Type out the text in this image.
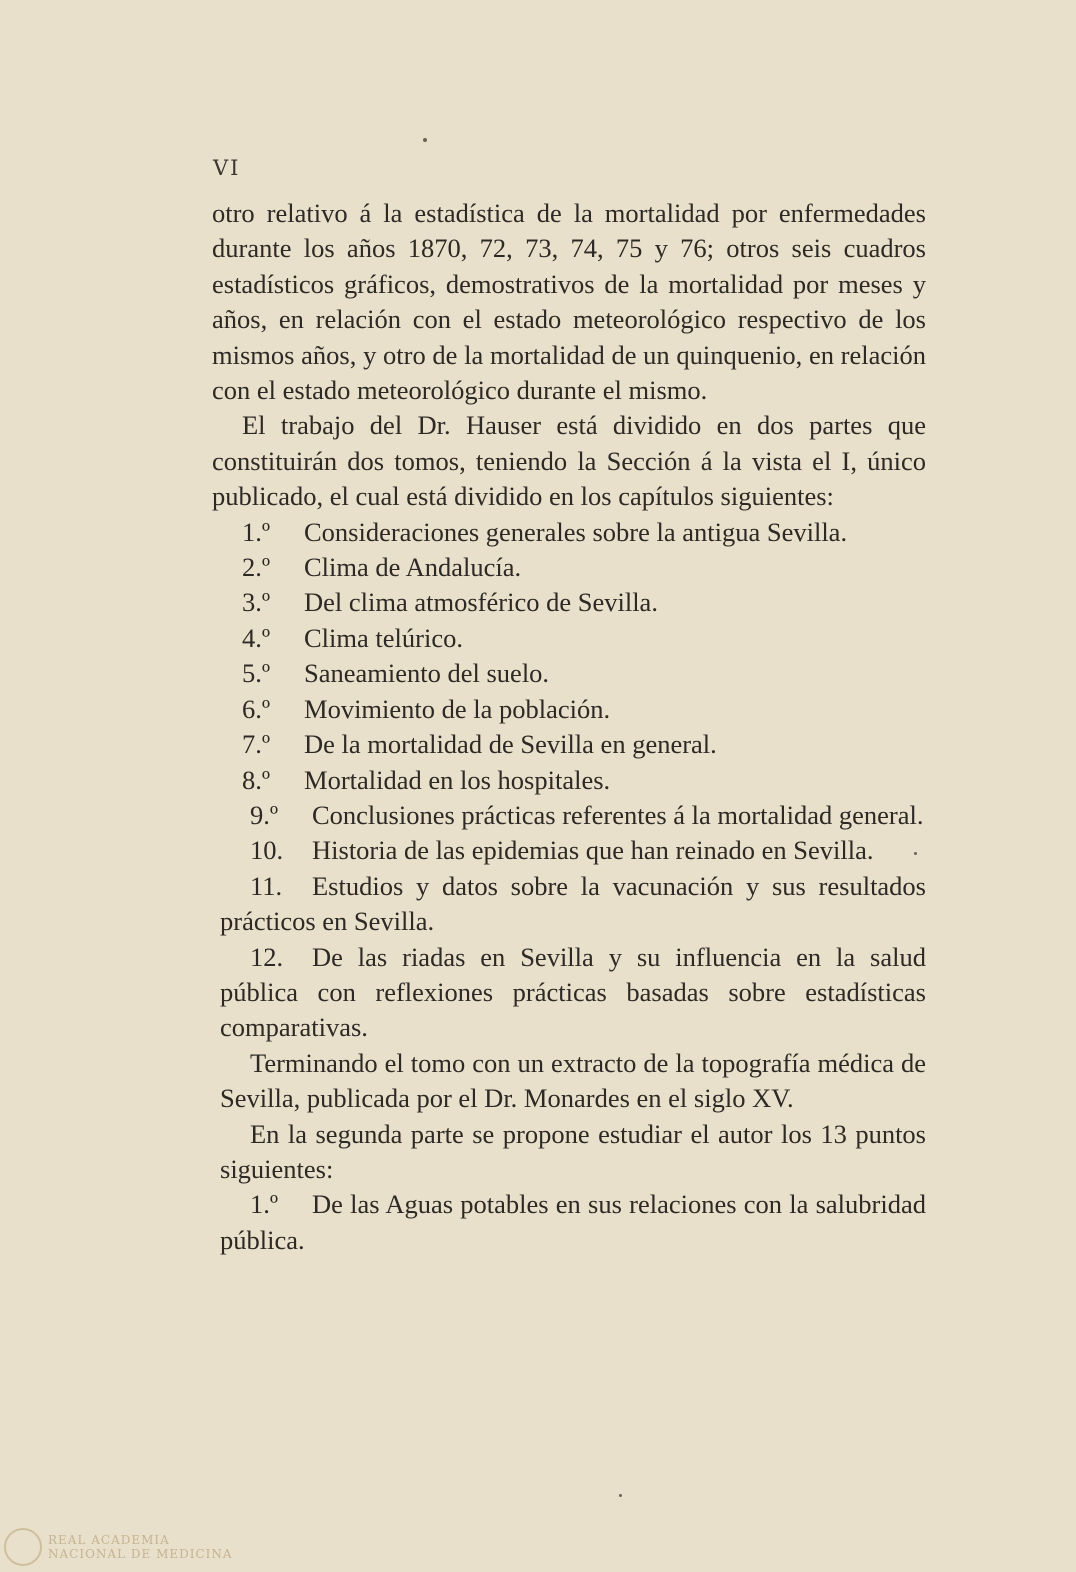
VI

otro relativo á la estadística de la mortalidad por enfermedades durante los años 1870, 72, 73, 74, 75 y 76; otros seis cuadros estadísticos gráficos, demostrativos de la mortalidad por meses y años, en relación con el estado meteorológico respectivo de los mismos años, y otro de la mortalidad de un quinquenio, en relación con el estado meteorológico durante el mismo.

El trabajo del Dr. Hauser está dividido en dos partes que constituirán dos tomos, teniendo la Sección á la vista el I, único publicado, el cual está dividido en los capítulos siguientes:

1.º	Consideraciones generales sobre la antigua Sevilla.
2.º	Clima de Andalucía.
3.º	Del clima atmosférico de Sevilla.
4.º	Clima telúrico.
5.º	Saneamiento del suelo.
6.º	Movimiento de la población.
7.º	De la mortalidad de Sevilla en general.
8.º	Mortalidad en los hospitales.

9.º Conclusiones prácticas referentes á la mortalidad general.

10. Historia de las epidemias que han reinado en Sevilla.

11. Estudios y datos sobre la vacunación y sus resultados prácticos en Sevilla.

12. De las riadas en Sevilla y su influencia en la salud pública con reflexiones prácticas basadas sobre estadísticas comparativas.

Terminando el tomo con un extracto de la topografía médica de Sevilla, publicada por el Dr. Monardes en el siglo XV.

En la segunda parte se propone estudiar el autor los 13 puntos siguientes:

1.º De las Aguas potables en sus relaciones con la salubridad pública.

REAL ACADEMIA
NACIONAL DE MEDICINA
